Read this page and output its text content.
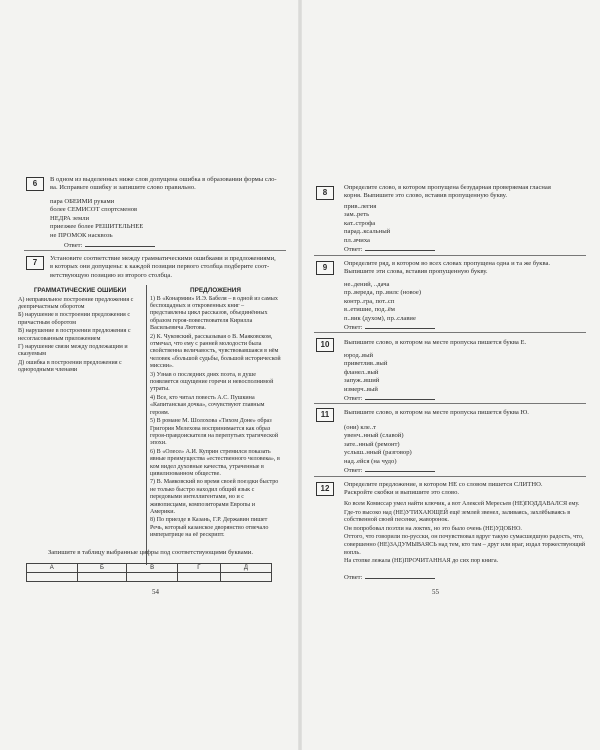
6	В одном из выделенных ниже слов допущена ошибка в образовании формы сло-
ва. Исправьте ошибку и запишите слово правильно.
пара ОБЕИМИ руками
более СЕМИСОТ спортсменов
НЕДРА земли
приезжее более РЕШИТЕЛЬНЕЕ
не ПРОМОК насквозь
Ответ:
7	Установите соответствие между грамматическими ошибками и предложениями,
в которых они допущены: к каждой позиции первого столбца подберите соот-
ветствующую позицию из второго столбца.
ГРАММАТИЧЕСКИЕ ОШИБКИ
А) неправильное построение предложения с деепричастным оборотом
Б) нарушение в построении предложения с причастным оборотом
В) нарушение в построении предложения с несогласованным приложением
Г) нарушение связи между подлежащим и сказуемым
Д) ошибка в построении предложения с однородными членами
ПРЕДЛОЖЕНИЯ
1) В «Конармии» И.Э. Бабеля – в одной из самых беспощадных и откровенных книг – представлены цикл рассказов, объединённых образом героя-повествователя Кирилла Васильевича Лютова.
2) К. Чуковский, рассказывая о В. Маяковском, отмечал, что ему с ранней молодости была свойственна величавость, чувствовавшаяся в нём человек «большой судьбы, большой исторической миссии».
3) Узнав о последних днях поэта, в душе появляется ощущение горечи и невосполнимой утраты.
4) Все, кто читал повесть А.С. Пушкина «Капитанская дочка», сочувствуют главным героям.
5) В романе М. Шолохова «Тихом Доне» образ Григория Мелехова воспринимается как образ героя-правдоискателя на перепутьях трагической эпохи.
6) В «Олесе» А.И. Куприн стремился показать явные преимущества «естественного человека», в ком видел духовные качества, утраченные в цивилизованном обществе.
7) В. Маяковский во время своей поездки быстро не только быстро находил общий язык с передовыми интеллигентами, но и с живописцами, композиторами Европы и Америки.
8) По приезде в Казань, Г.Р. Державин пишет Речь, который казанское дворянство отвечало императрице на её рескрипт.
Запишите в таблицу выбранные цифры под соответствующими буквами.
А	Б	В	Г	Д

54
8
Определите слово, в котором пропущена безударная проверяемая гласная
корня. Выпишите это слово, вставив пропущенную букву.
прив..легия
зам..реть
кат..строфа
парад..ксальный
пл..вчиха
Ответ:
9	Определите ряд, в котором во всех словах пропущена одна и та же буква.
Выпишите эти слова, вставив пропущенную букву.
не..дений, ..дача
пр..вереда, пр..вилс (новое)
контр..гра, пот..сп
в..етишие, под..ём
п..вик (духом), пр..славие
Ответ:
10	Выпишите слово, в котором на месте пропуска пишется буква Е.
юрод..вый
приветлив..вый
фланел..вый
запуж..вший
измерч..вый
Ответ:
11	Выпишите слово, в котором на месте пропуска пишется буква Ю.
(они) кле..т
увенч..нный (славой)
зате..нный (ремонт)
услыш..нный (разговор)
над..ейся (на чудо)
Ответ:
12	Определите предложение, в котором НЕ со словом пишется СЛИТНО.
Раскройте скобки и выпишите это слово.
Ко всем Комиссар умел найти ключик, а вот Алексей Мересьев (НЕ)ПОДДАВАЛСЯ ему.
Где-то высоко над (НЕ)УТИХАЮЩЕЙ ещё землей звенел, заливаясь, захлёбываясь в собственной своей песенке, жаворонок.
Он попробовал поэтли на локтях, но это было очень (НЕ)УДОБНО.
Оттого, что говорили по-русски, он почувствовал вдруг такую сумасшедшую радость, что, совершенно (НЕ)ЗАДУМЫВАЯСЬ над тем, кто там – друг или враг, издал торжествующий вопль.
На стопке лежала (НЕ)ПРОЧИТАННАЯ до сих пор книга.
Ответ:
55
